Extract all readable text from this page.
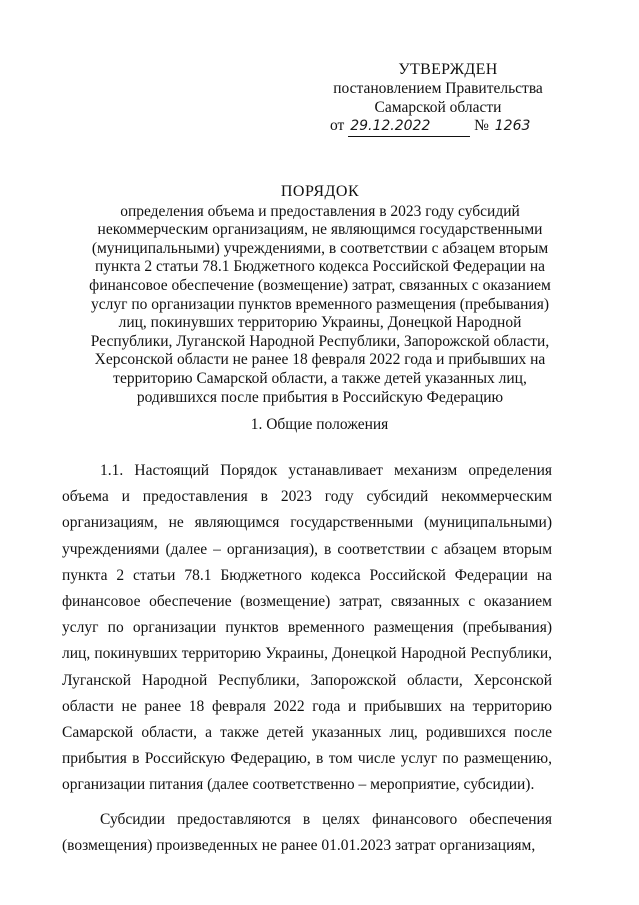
УТВЕРЖДЕН
постановлением Правительства
Самарской области
от 29.12.2022	№ 1263
ПОРЯДОК
определения объема и предоставления в 2023 году субсидий некоммерческим организациям, не являющимся государственными (муниципальными) учреждениями, в соответствии с абзацем вторым пункта 2 статьи 78.1 Бюджетного кодекса Российской Федерации на финансовое обеспечение (возмещение) затрат, связанных с оказанием услуг по организации пунктов временного размещения (пребывания) лиц, покинувших территорию Украины, Донецкой Народной Республики, Луганской Народной Республики, Запорожской области, Херсонской области не ранее 18 февраля 2022 года и прибывших на территорию Самарской области, а также детей указанных лиц, родившихся после прибытия в Российскую Федерацию
1. Общие положения

1.1. Настоящий Порядок устанавливает механизм определения объема и предоставления в 2023 году субсидий некоммерческим организациям, не являющимся государственными (муниципальными) учреждениями (далее – организация), в соответствии с абзацем вторым пункта 2 статьи 78.1 Бюджетного кодекса Российской Федерации на финансовое обеспечение (возмещение) затрат, связанных с оказанием услуг по организации пунктов временного размещения (пребывания) лиц, покинувших территорию Украины, Донецкой Народной Республики, Луганской Народной Республики, Запорожской области, Херсонской области не ранее 18 февраля 2022 года и прибывших на территорию Самарской области, а также детей указанных лиц, родившихся после прибытия в Российскую Федерацию, в том числе услуг по размещению, организации питания (далее соответственно – мероприятие, субсидии).

Субсидии предоставляются в целях финансового обеспечения (возмещения) произведенных не ранее 01.01.2023 затрат организациям,
